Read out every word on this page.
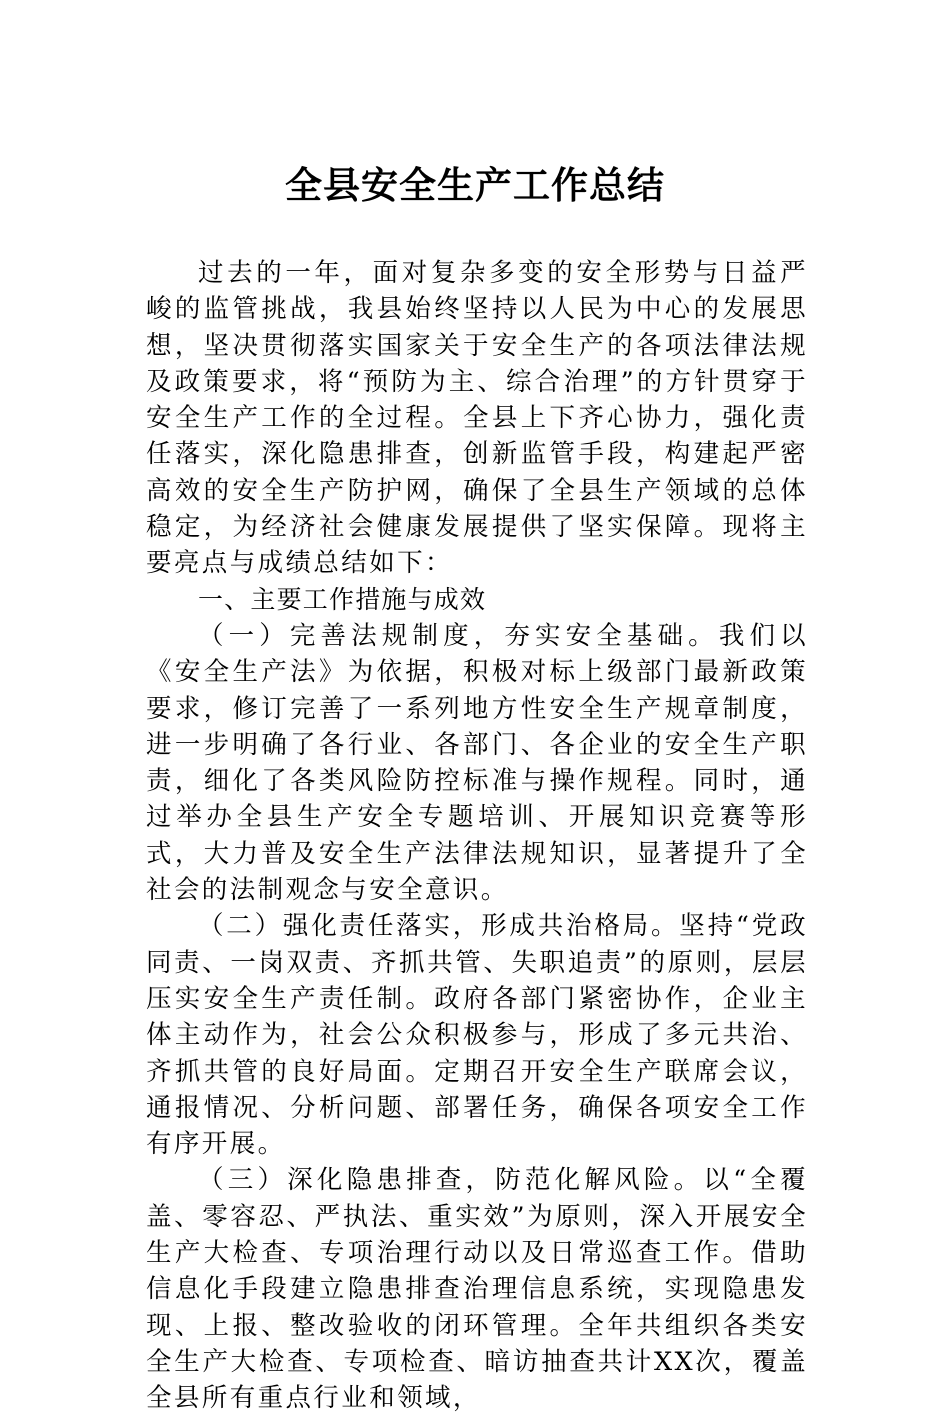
全县安全生产工作总结

过去的一年，面对复杂多变的安全形势与日益严峻的监管挑战，我县始终坚持以人民为中心的发展思想，坚决贯彻落实国家关于安全生产的各项法律法规及政策要求，将“预防为主、综合治理”的方针贯穿于安全生产工作的全过程。全县上下齐心协力，强化责任落实，深化隐患排查，创新监管手段，构建起严密高效的安全生产防护网，确保了全县生产领域的总体稳定，为经济社会健康发展提供了坚实保障。现将主要亮点与成绩总结如下：

一、主要工作措施与成效

（一）完善法规制度，夯实安全基础。我们以《安全生产法》为依据，积极对标上级部门最新政策要求，修订完善了一系列地方性安全生产规章制度，进一步明确了各行业、各部门、各企业的安全生产职责，细化了各类风险防控标准与操作规程。同时，通过举办全县生产安全专题培训、开展知识竞赛等形式，大力普及安全生产法律法规知识，显著提升了全社会的法制观念与安全意识。

（二）强化责任落实，形成共治格局。坚持“党政同责、一岗双责、齐抓共管、失职追责”的原则，层层压实安全生产责任制。政府各部门紧密协作，企业主体主动作为，社会公众积极参与，形成了多元共治、齐抓共管的良好局面。定期召开安全生产联席会议，通报情况、分析问题、部署任务，确保各项安全工作有序开展。

（三）深化隐患排查，防范化解风险。以“全覆盖、零容忍、严执法、重实效”为原则，深入开展安全生产大检查、专项治理行动以及日常巡查工作。借助信息化手段建立隐患排查治理信息系统，实现隐患发现、上报、整改验收的闭环管理。全年共组织各类安全生产大检查、专项检查、暗访抽查共计XX次，覆盖全县所有重点行业和领域，
